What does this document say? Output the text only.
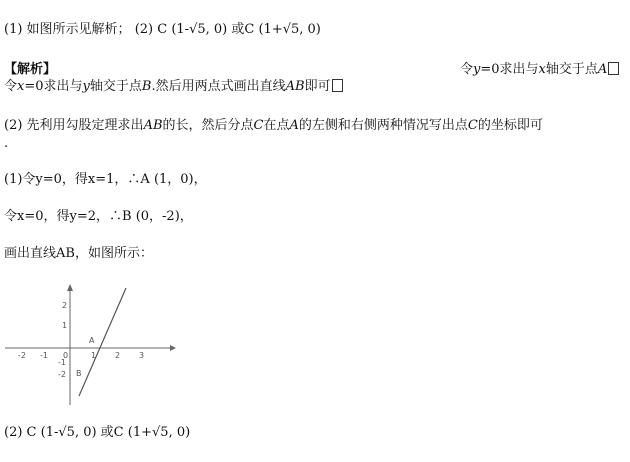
(1) 如图所示见解析； (2) C (1-√5, 0) 或C (1+√5, 0)
【解析】	令y=0求出与x轴交于点A
令x=0求出与y轴交于点B.然后用两点式画出直线AB即可
(2) 先利用勾股定理求出AB的长，然后分点C在点A的左侧和右侧两种情况写出点C的坐标即可
.
(1)令y=0，得x=1，∴A (1，0)，
令x=0，得y=2，∴B (0，-2)，
画出直线AB，如图所示：
-2 -1 0	1 2 3
2
1
-1
-2
A
B
(2) C (1-√5, 0) 或C (1+√5, 0)
